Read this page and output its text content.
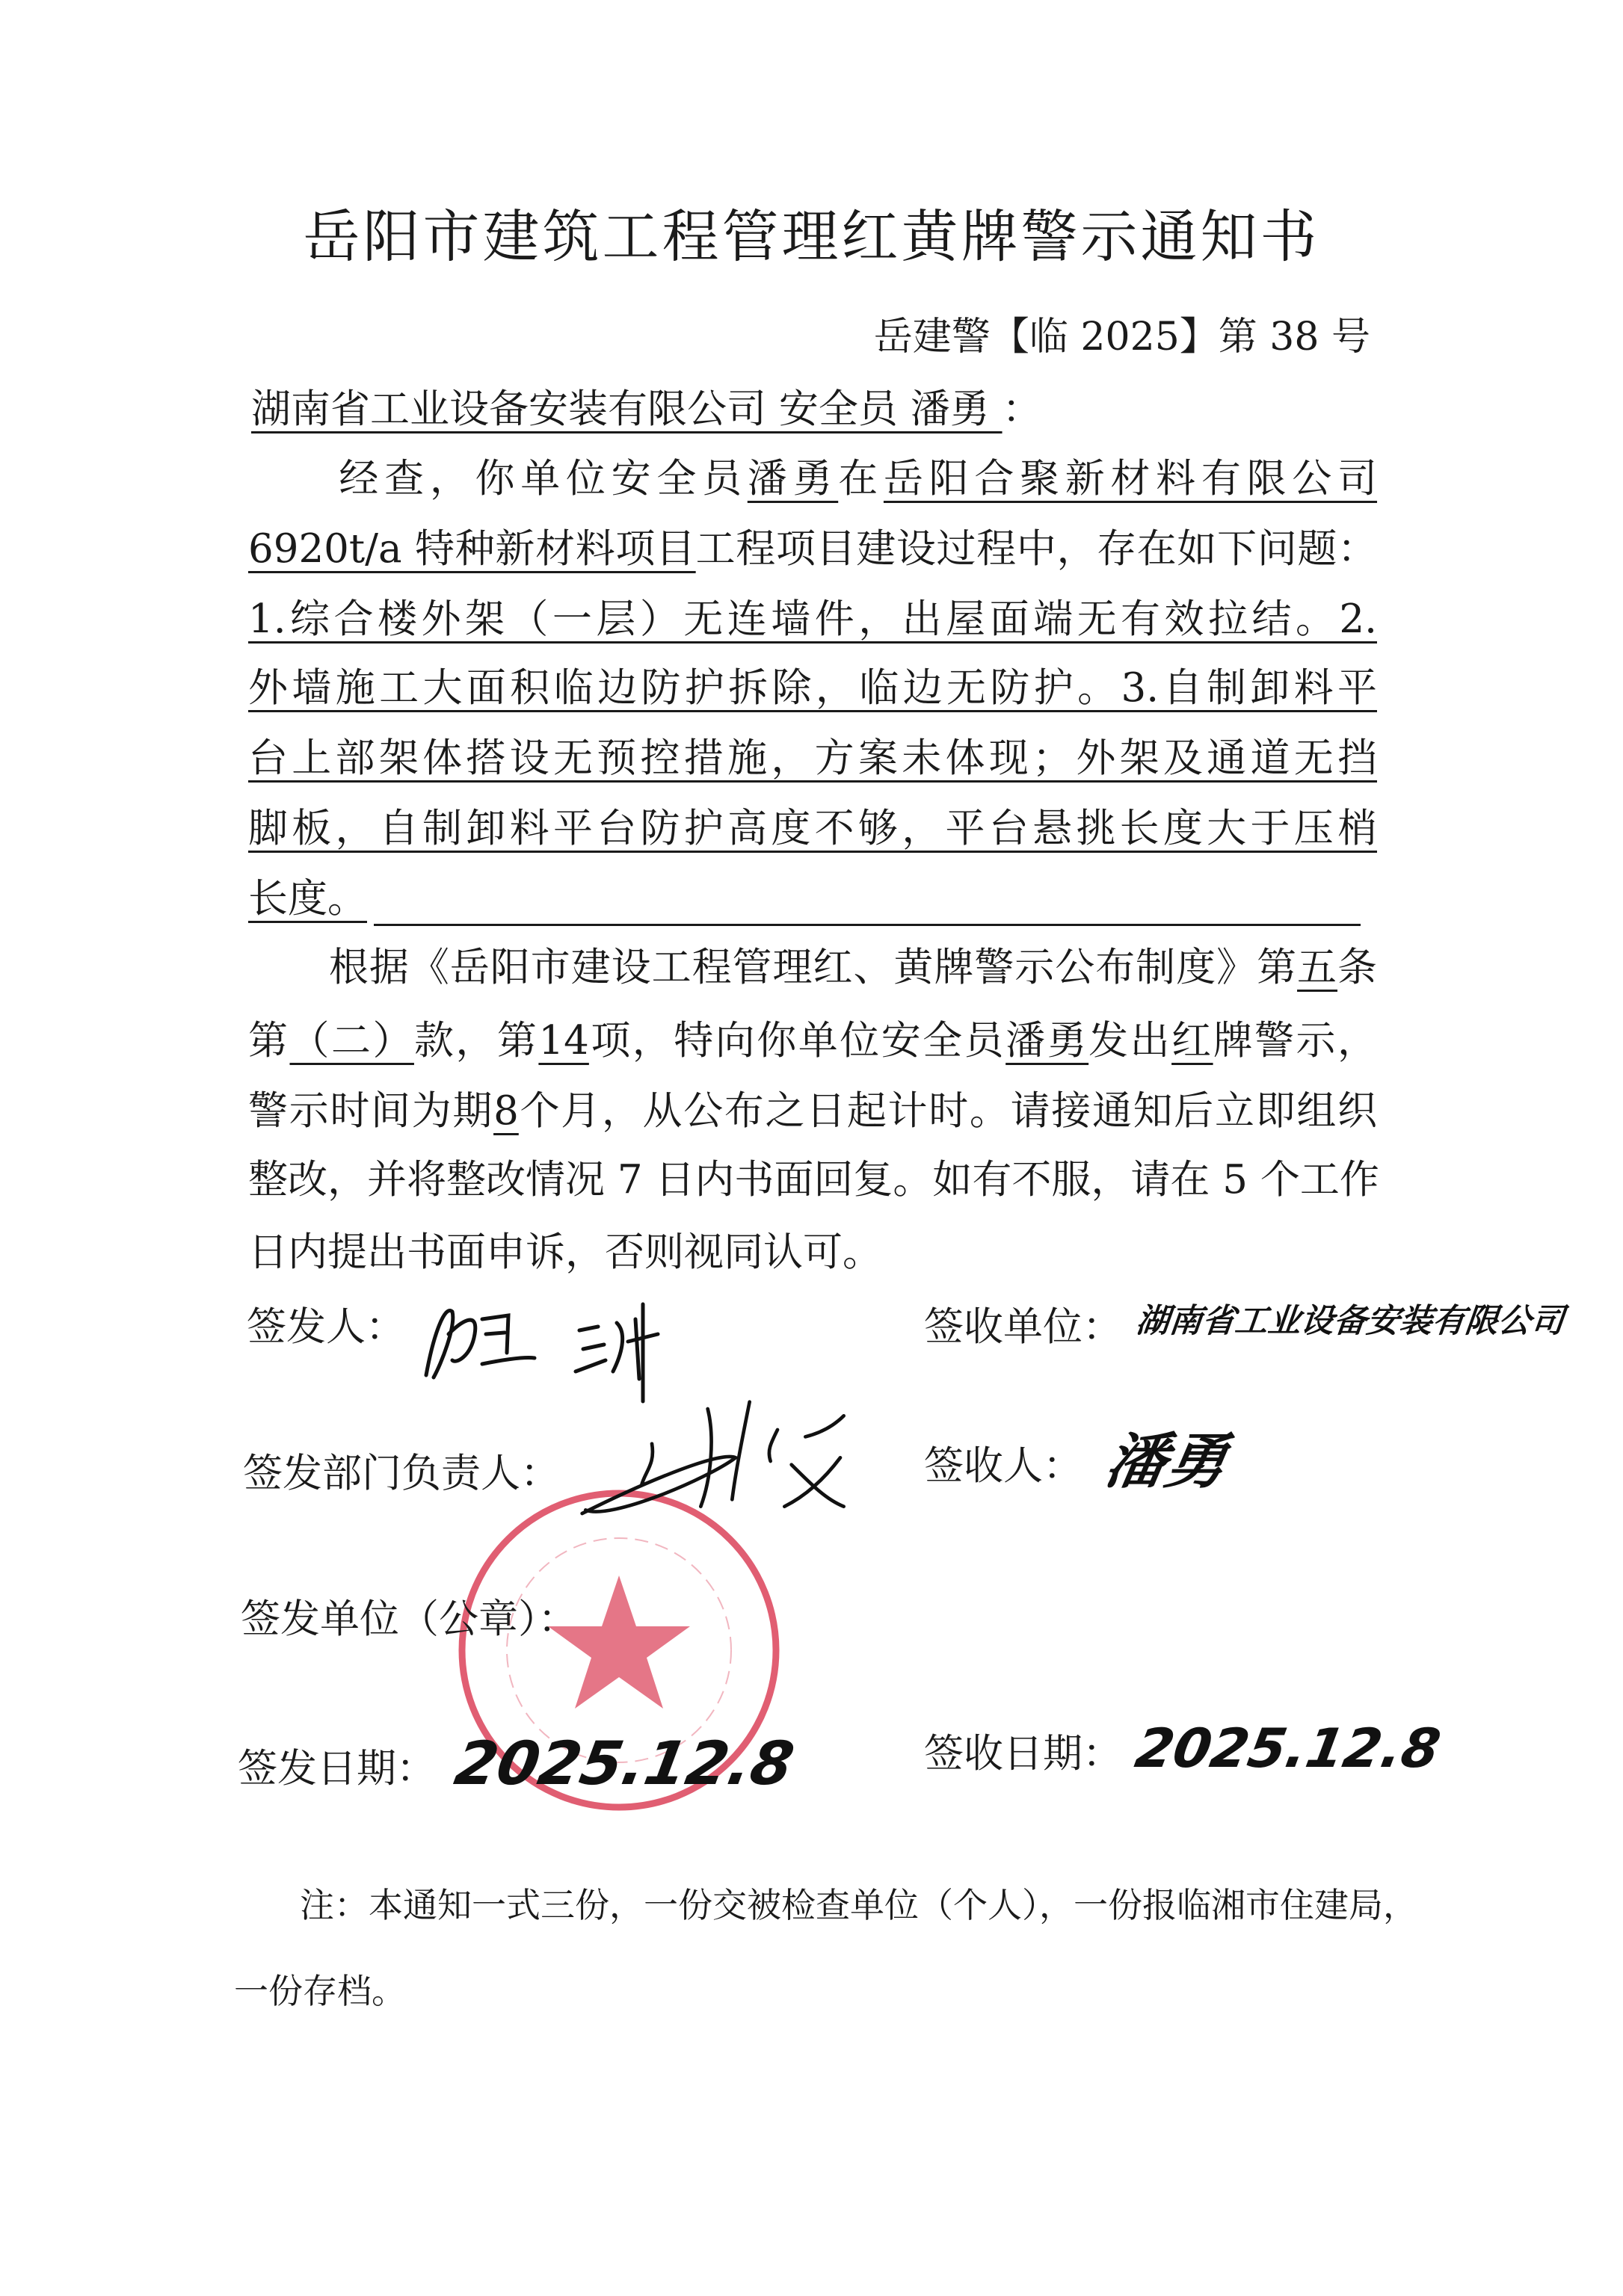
岳阳市建筑工程管理红黄牌警示通知书
岳建警【临 2025】第 38 号
湖南省工业设备安装有限公司 安全员 潘勇 ：
　　经查，你单位安全员潘勇在岳阳合聚新材料有限公司
6920t/a 特种新材料项目工程项目建设过程中，存在如下问题：
1.综合楼外架（一层）无连墙件，出屋面端无有效拉结。2.
外墙施工大面积临边防护拆除，临边无防护。3.自制卸料平
台上部架体搭设无预控措施，方案未体现；外架及通道无挡
脚板，自制卸料平台防护高度不够，平台悬挑长度大于压梢
长度。
　　根据《岳阳市建设工程管理红、黄牌警示公布制度》第五条
第（二）款，第14项，特向你单位安全员潘勇发出红牌警示，
警示时间为期8个月，从公布之日起计时。请接通知后立即组织
整改，并将整改情况 7 日内书面回复。如有不服，请在 5 个工作
日内提出书面申诉，否则视同认可。
签发人：	签收单位： 湖南省工业设备安装有限公司
签发部门负责人：	签收人： 潘勇
签发单位（公章）：
签发日期： 2025.12.8	签收日期： 2025.12.8
注：本通知一式三份，一份交被检查单位（个人），一份报临湘市住建局，
一份存档。
